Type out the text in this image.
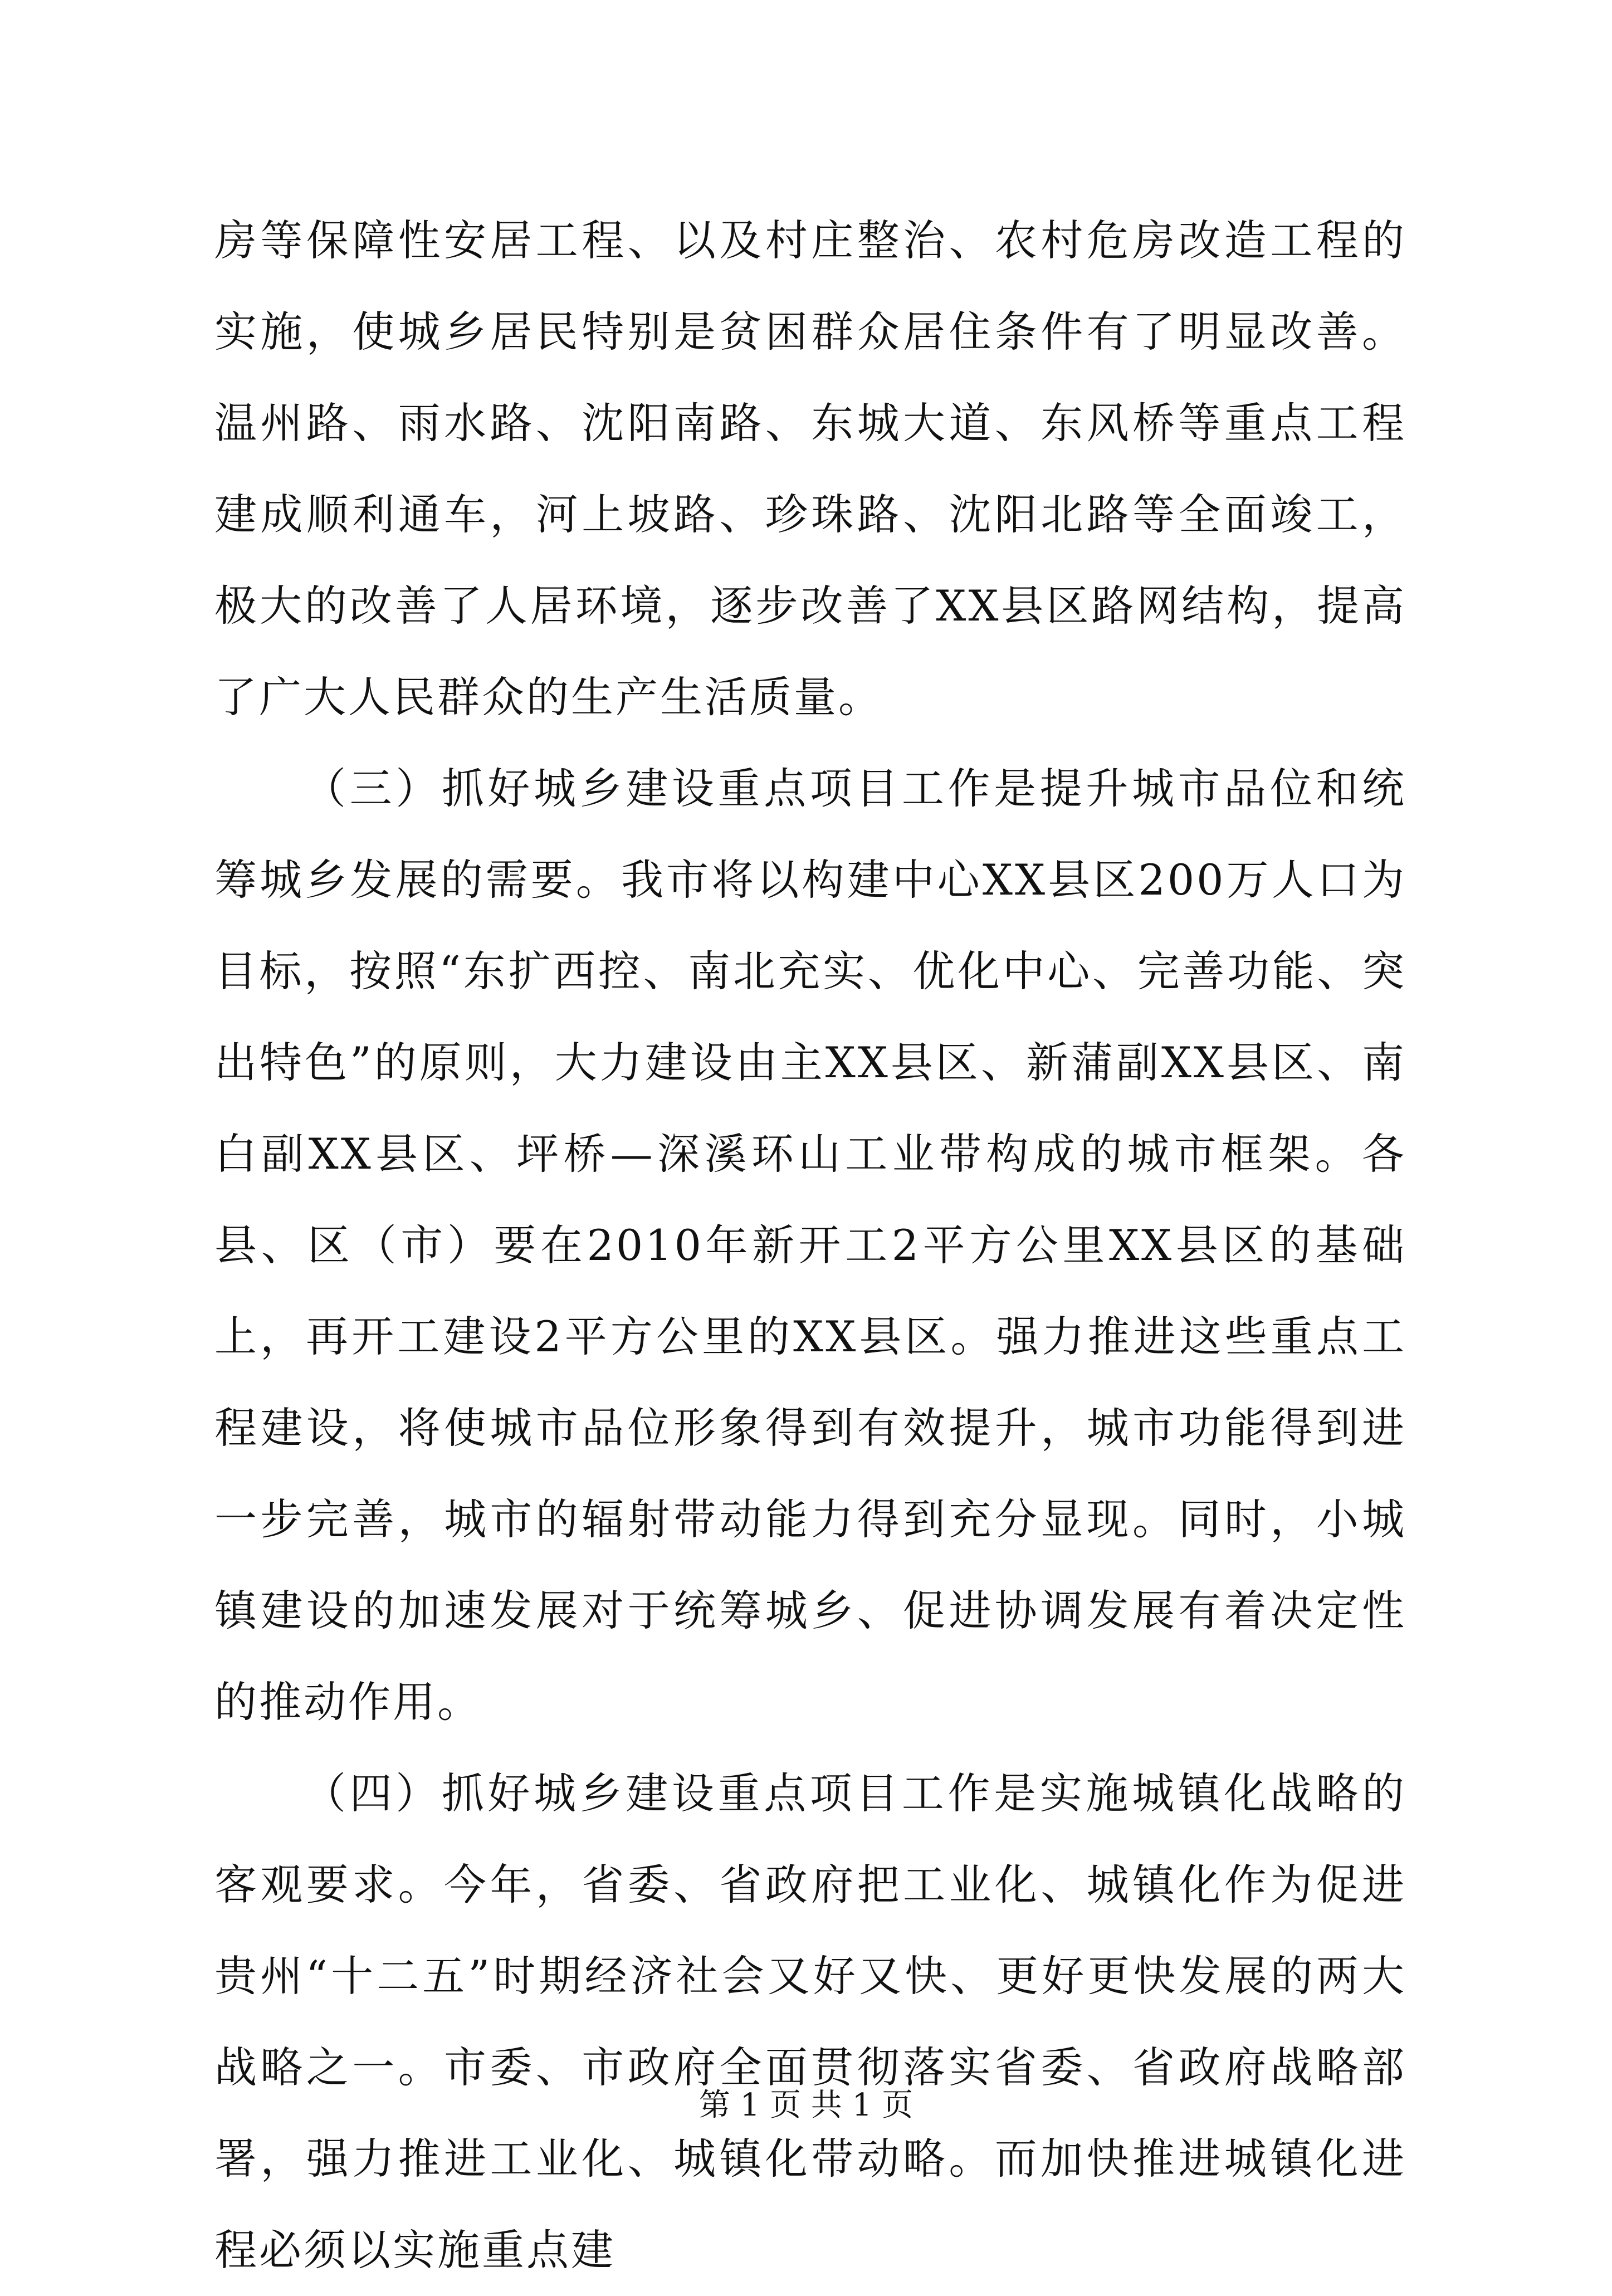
房等保障性安居工程、以及村庄整治、农村危房改造工程的实施，使城乡居民特别是贫困群众居住条件有了明显改善。温州路、雨水路、沈阳南路、东城大道、东风桥等重点工程建成顺利通车，河上坡路、珍珠路、沈阳北路等全面竣工，极大的改善了人居环境，逐步改善了XX县区路网结构，提高了广大人民群众的生产生活质量。

（三）抓好城乡建设重点项目工作是提升城市品位和统筹城乡发展的需要。我市将以构建中心XX县区200万人口为目标，按照“东扩西控、南北充实、优化中心、完善功能、突出特色”的原则，大力建设由主XX县区、新蒲副XX县区、南白副XX县区、坪桥—深溪环山工业带构成的城市框架。各县、区（市）要在2010年新开工2平方公里XX县区的基础上，再开工建设2平方公里的XX县区。强力推进这些重点工程建设，将使城市品位形象得到有效提升，城市功能得到进一步完善，城市的辐射带动能力得到充分显现。同时，小城镇建设的加速发展对于统筹城乡、促进协调发展有着决定性的推动作用。

（四）抓好城乡建设重点项目工作是实施城镇化战略的客观要求。今年，省委、省政府把工业化、城镇化作为促进贵州“十二五”时期经济社会又好又快、更好更快发展的两大战略之一。市委、市政府全面贯彻落实省委、省政府战略部署，强力推进工业化、城镇化带动略。而加快推进城镇化进程必须以实施重点建

第 1 页 共 1 页
